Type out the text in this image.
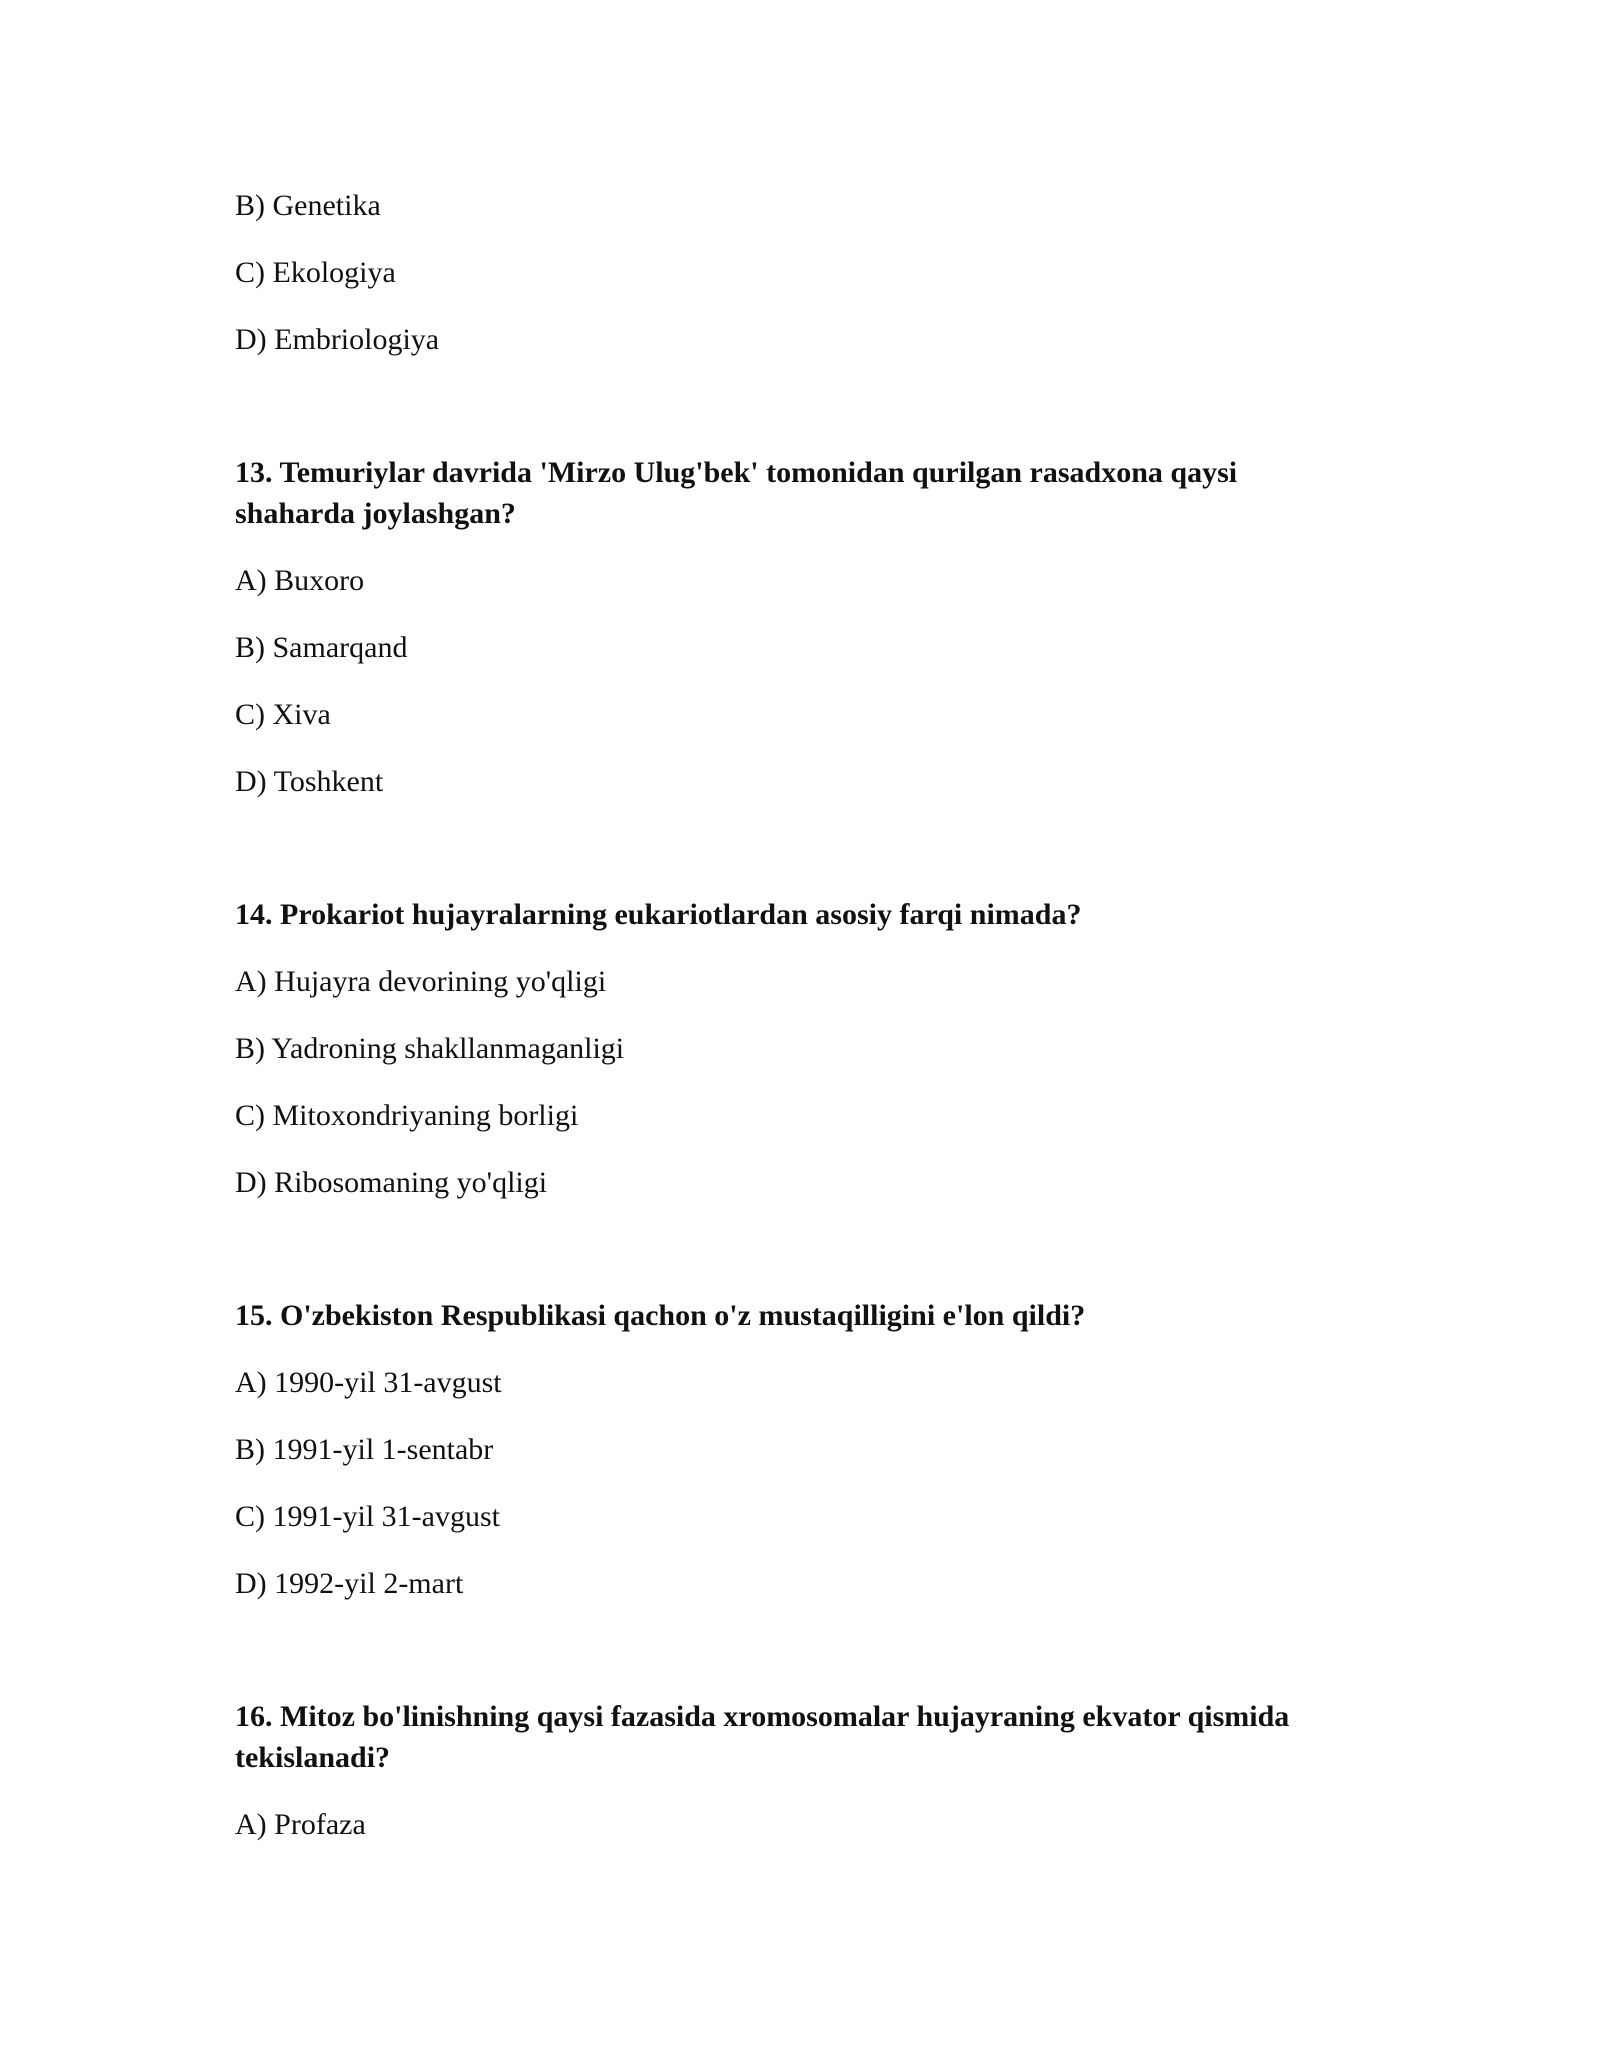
B) Genetika
C) Ekologiya
D) Embriologiya
13. Temuriylar davrida 'Mirzo Ulug'bek' tomonidan qurilgan rasadxona qaysi
shaharda joylashgan?
A) Buxoro
B) Samarqand
C) Xiva
D) Toshkent
14. Prokariot hujayralarning eukariotlardan asosiy farqi nimada?
A) Hujayra devorining yo'qligi
B) Yadroning shakllanmaganligi
C) Mitoxondriyaning borligi
D) Ribosomaning yo'qligi
15. O'zbekiston Respublikasi qachon o'z mustaqilligini e'lon qildi?
A) 1990-yil 31-avgust
B) 1991-yil 1-sentabr
C) 1991-yil 31-avgust
D) 1992-yil 2-mart
16. Mitoz bo'linishning qaysi fazasida xromosomalar hujayraning ekvator qismida
tekislanadi?
A) Profaza
